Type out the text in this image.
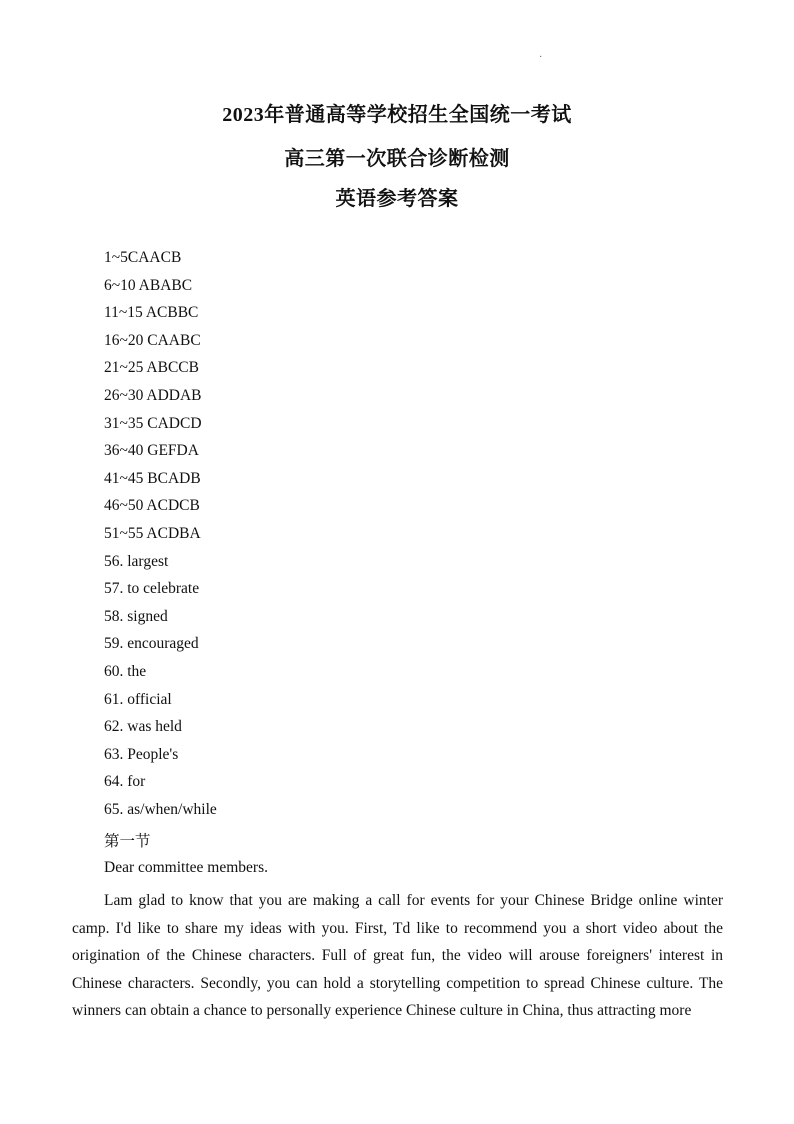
·
2023年普通高等学校招生全国统一考试
高三第一次联合诊断检测
英语参考答案
1~5CAACB
6~10 ABABC
11~15 ACBBC
16~20 CAABC
21~25 ABCCB
26~30 ADDAB
31~35 CADCD
36~40 GEFDA
41~45 BCADB
46~50 ACDCB
51~55 ACDBA
56. largest
57. to celebrate
58. signed
59. encouraged
60. the
61. official
62. was held
63. People's
64. for
65. as/when/while
第一节
Dear committee members.

Lam glad to know that you are making a call for events for your Chinese Bridge online winter camp. I'd like to share my ideas with you. First, Td like to recommend you a short video about the origination of the Chinese characters. Full of great fun, the video will arouse foreigners' interest in Chinese characters. Secondly, you can hold a storytelling competition to spread Chinese culture. The winners can obtain a chance to personally experience Chinese culture in China, thus attracting more
